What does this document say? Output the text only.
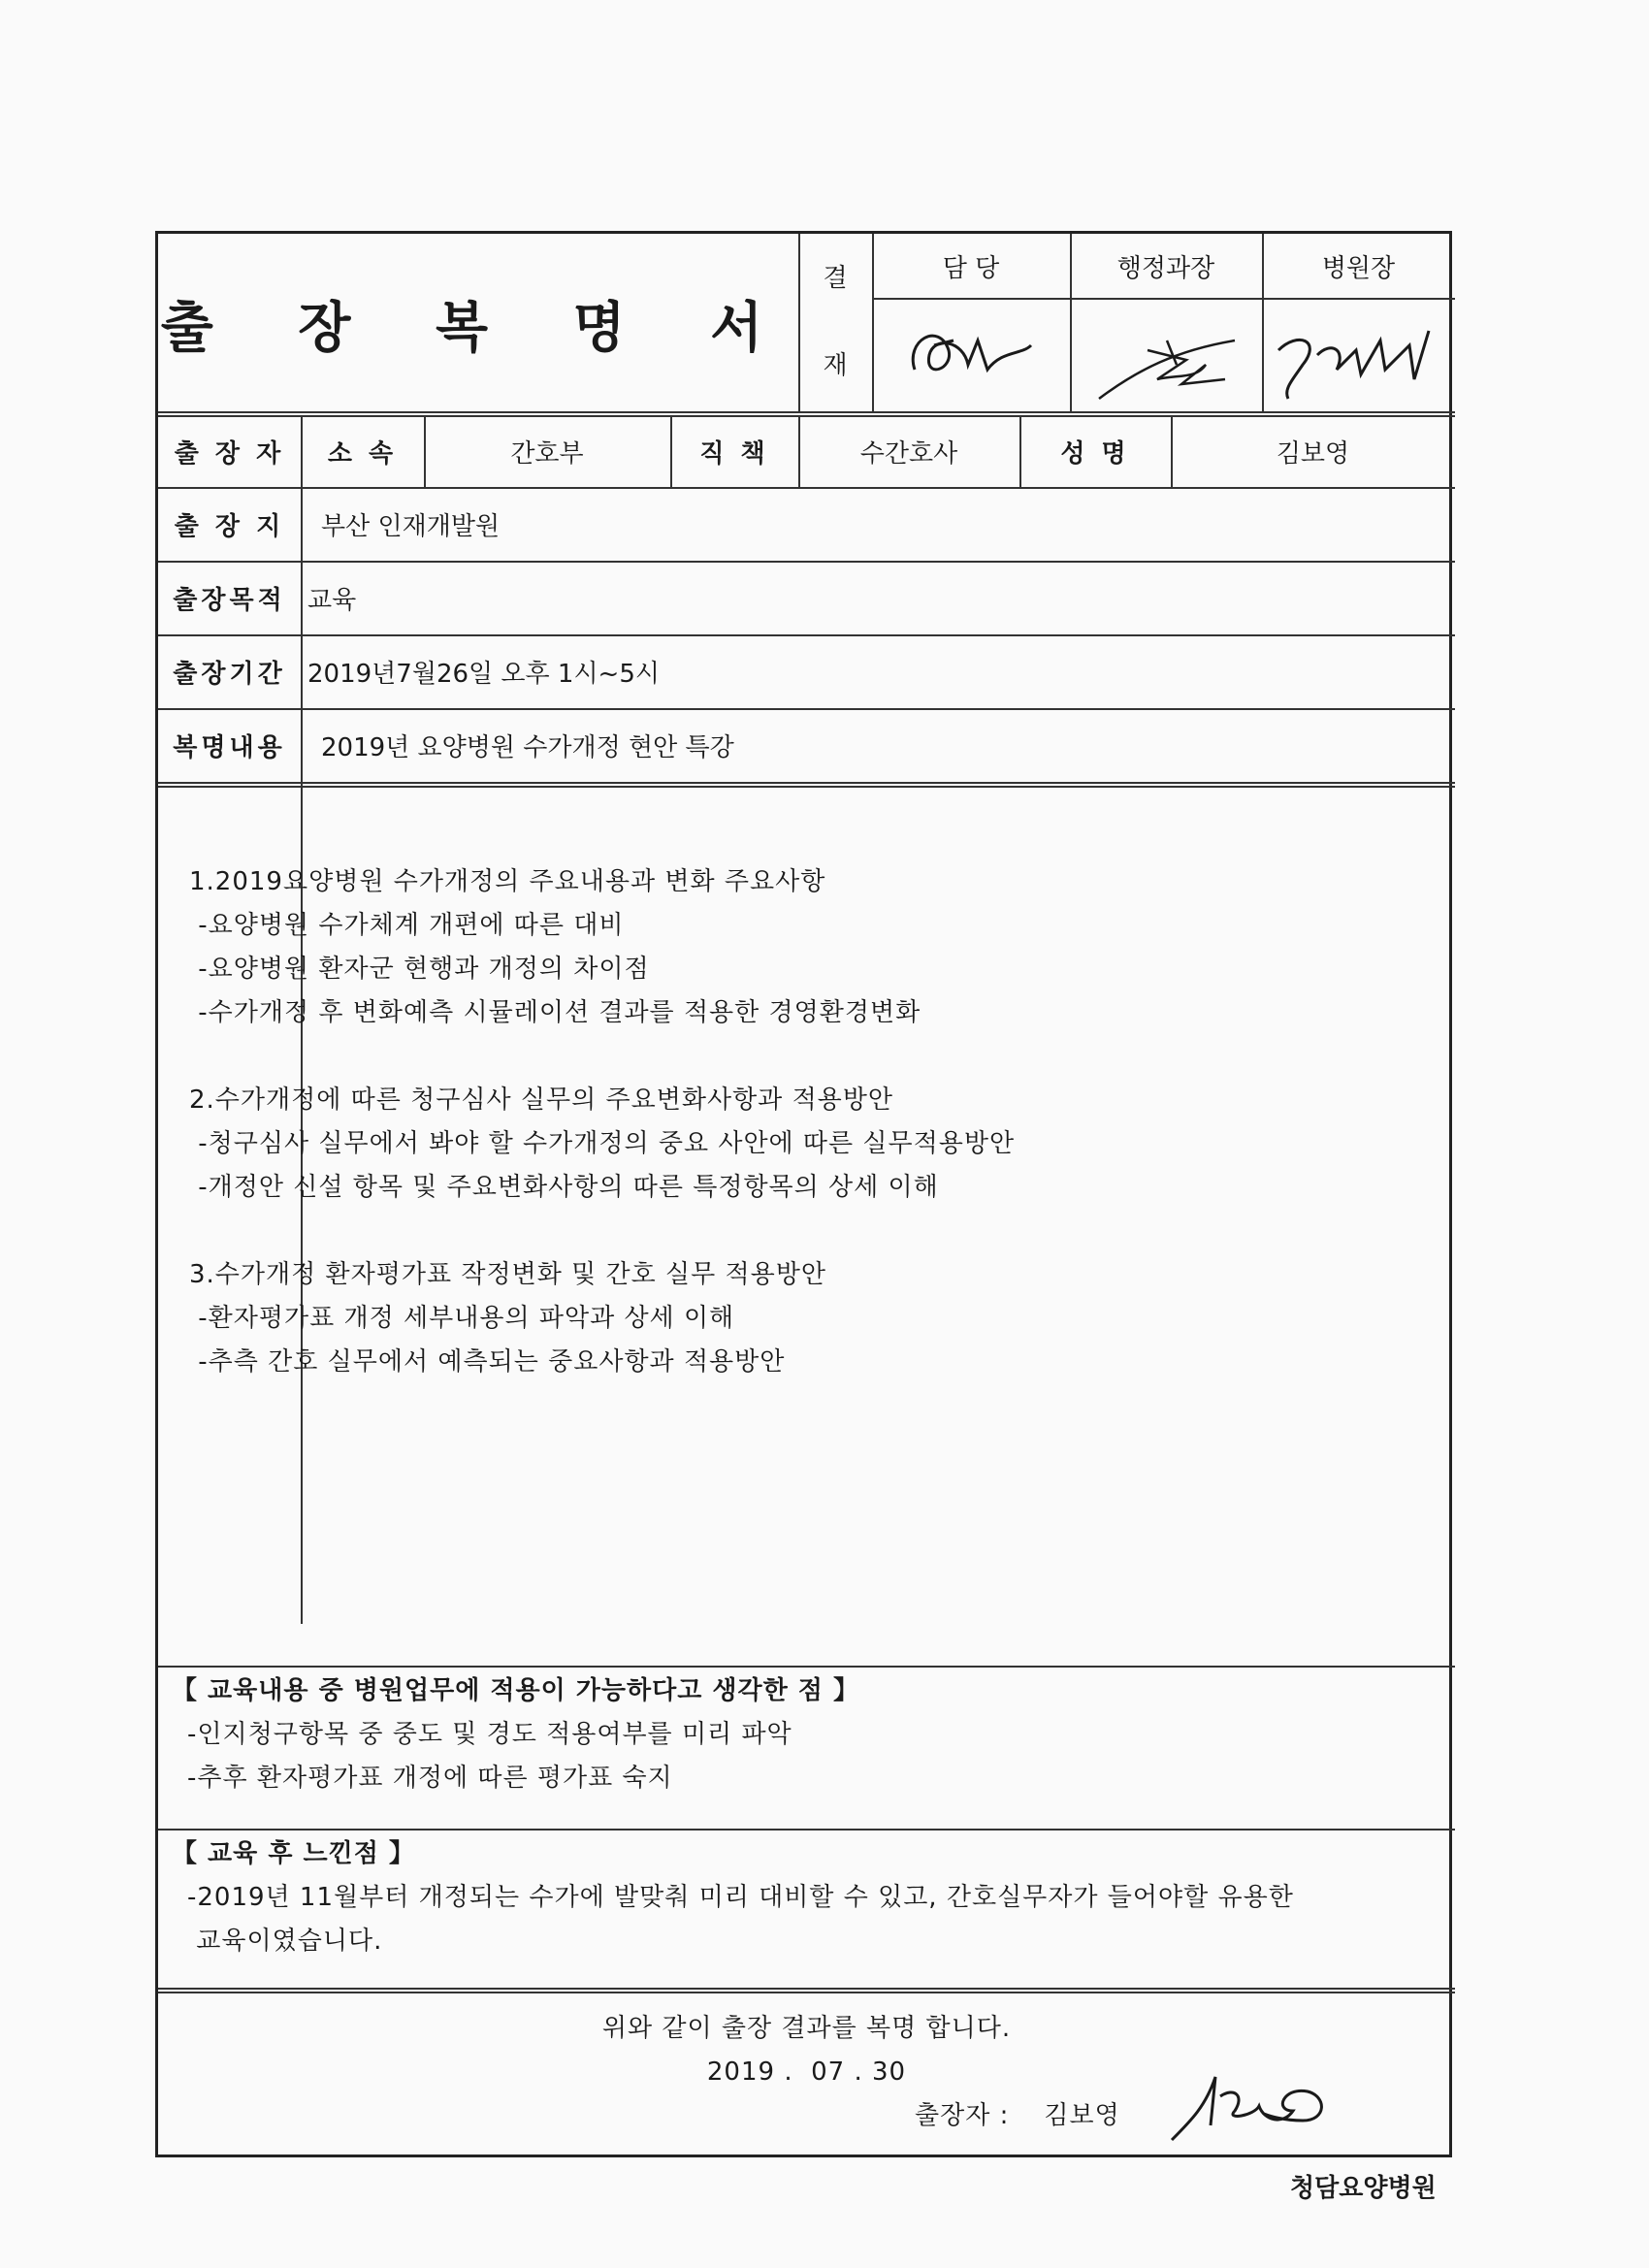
출 장 복 명 서
결
재
담 당	행정과장	병원장
출 장 자	소 속	간호부	직 책	수간호사	성 명	김보영
출 장 지	부산 인재개발원
출장목적 교육
출장기간 2019년7월26일 오후 1시~5시
복명내용	2019년 요양병원 수가개정 현안 특강
1.2019요양병원 수가개정의 주요내용과 변화 주요사항
-요양병원 수가체계 개편에 따른 대비
-요양병원 환자군 현행과 개정의 차이점
-수가개정 후 변화예측 시뮬레이션 결과를 적용한 경영환경변화
2.수가개정에 따른 청구심사 실무의 주요변화사항과 적용방안
-청구심사 실무에서 봐야 할 수가개정의 중요 사안에 따른 실무적용방안
-개정안 신설 항목 및 주요변화사항의 따른 특정항목의 상세 이해
3.수가개정 환자평가표 작정변화 및 간호 실무 적용방안
-환자평가표 개정 세부내용의 파악과 상세 이해
-추측 간호 실무에서 예측되는 중요사항과 적용방안
【 교육내용 중 병원업무에 적용이 가능하다고 생각한 점 】
-인지청구항목 중 중도 및 경도 적용여부를 미리 파악
-추후 환자평가표 개정에 따른 평가표 숙지
【 교육 후 느낀점 】
-2019년 11월부터 개정되는 수가에 발맞춰 미리 대비할 수 있고, 간호실무자가 들어야할 유용한
교육이였습니다.
위와 같이 출장 결과를 복명 합니다.
2019 .  07 . 30
출장자 : 김보영
청담요양병원
